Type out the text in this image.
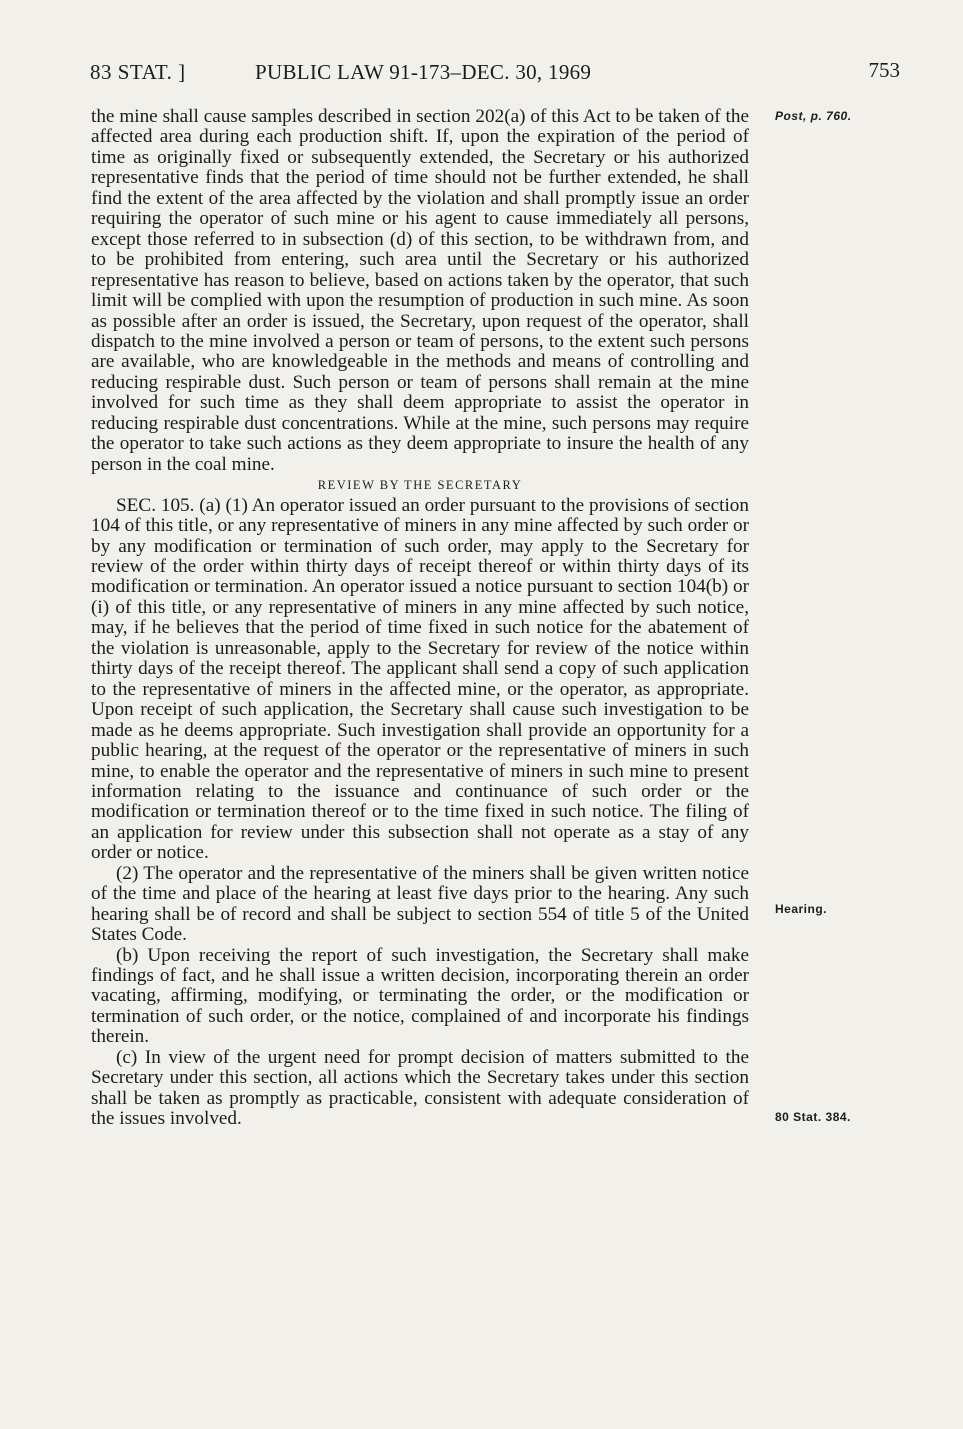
83 STAT. ]	PUBLIC LAW 91-173–DEC. 30, 1969	753
Post, p. 760.
Hearing.
80 Stat. 384.

the mine shall cause samples described in section 202(a) of this Act to be taken of the affected area during each production shift. If, upon the expiration of the period of time as originally fixed or subsequently extended, the Secretary or his authorized representative finds that the period of time should not be further extended, he shall find the extent of the area affected by the violation and shall promptly issue an order requiring the operator of such mine or his agent to cause immediately all persons, except those referred to in subsection (d) of this section, to be withdrawn from, and to be prohibited from entering, such area until the Secretary or his authorized representative has reason to believe, based on actions taken by the operator, that such limit will be complied with upon the resumption of production in such mine. As soon as possible after an order is issued, the Secretary, upon request of the operator, shall dispatch to the mine involved a person or team of persons, to the extent such persons are available, who are knowledgeable in the methods and means of controlling and reducing respirable dust. Such person or team of persons shall remain at the mine involved for such time as they shall deem appropriate to assist the operator in reducing respirable dust concentrations. While at the mine, such persons may require the operator to take such actions as they deem appropriate to insure the health of any person in the coal mine.

REVIEW BY THE SECRETARY

SEC. 105. (a) (1) An operator issued an order pursuant to the provisions of section 104 of this title, or any representative of miners in any mine affected by such order or by any modification or termination of such order, may apply to the Secretary for review of the order within thirty days of receipt thereof or within thirty days of its modification or termination. An operator issued a notice pursuant to section 104(b) or (i) of this title, or any representative of miners in any mine affected by such notice, may, if he believes that the period of time fixed in such notice for the abatement of the violation is unreasonable, apply to the Secretary for review of the notice within thirty days of the receipt thereof. The applicant shall send a copy of such application to the representative of miners in the affected mine, or the operator, as appropriate. Upon receipt of such application, the Secretary shall cause such investigation to be made as he deems appropriate. Such investigation shall provide an opportunity for a public hearing, at the request of the operator or the representative of miners in such mine, to enable the operator and the representative of miners in such mine to present information relating to the issuance and continuance of such order or the modification or termination thereof or to the time fixed in such notice. The filing of an application for review under this subsection shall not operate as a stay of any order or notice.

(2) The operator and the representative of the miners shall be given written notice of the time and place of the hearing at least five days prior to the hearing. Any such hearing shall be of record and shall be subject to section 554 of title 5 of the United States Code.

(b) Upon receiving the report of such investigation, the Secretary shall make findings of fact, and he shall issue a written decision, incorporating therein an order vacating, affirming, modifying, or terminating the order, or the modification or termination of such order, or the notice, complained of and incorporate his findings therein.

(c) In view of the urgent need for prompt decision of matters submitted to the Secretary under this section, all actions which the Secretary takes under this section shall be taken as promptly as practicable, consistent with adequate consideration of the issues involved.
